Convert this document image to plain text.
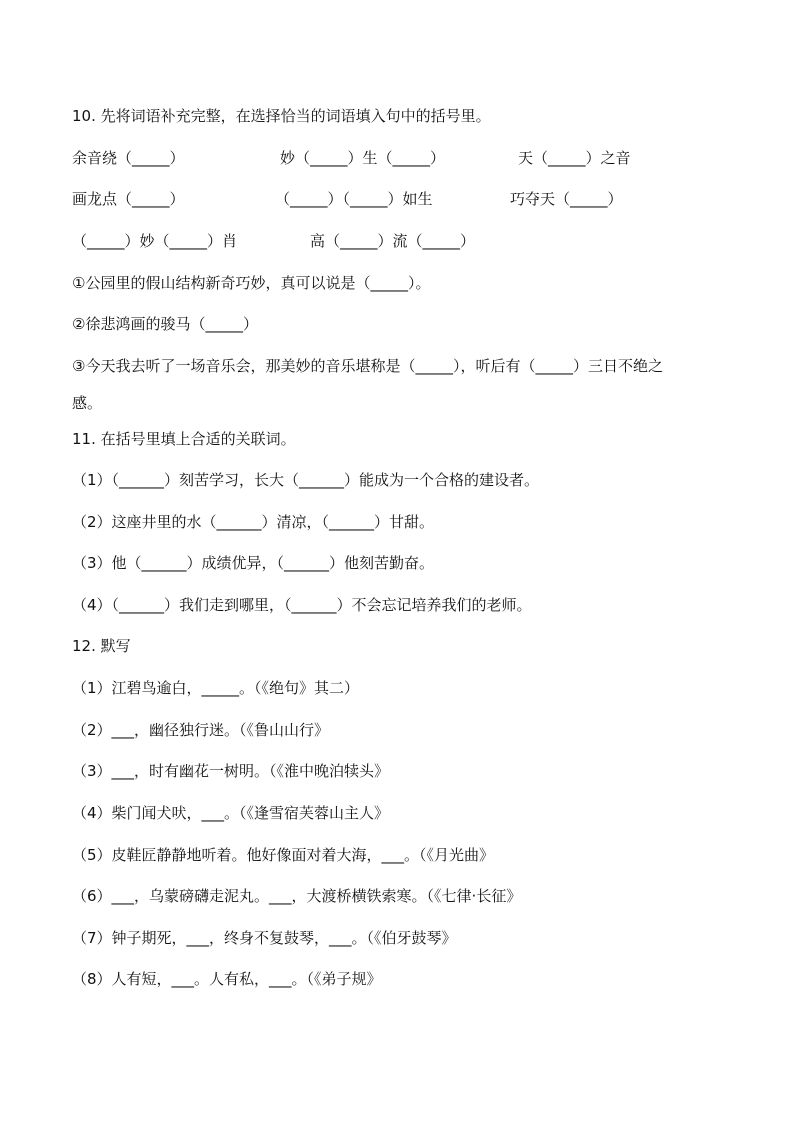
10. 先将词语补充完整，在选择恰当的词语填入句中的括号里。
余音绕（_____）	妙（_____）生（_____）	天（_____）之音
画龙点（_____）	（_____）（_____）如生	巧夺天（_____）
（_____）妙（_____）肖	高（_____）流（_____）
①公园里的假山结构新奇巧妙，真可以说是（_____）。
②徐悲鸿画的骏马（_____）
③今天我去听了一场音乐会，那美妙的音乐堪称是（_____），听后有（_____）三日不绝之
感。
11. 在括号里填上合适的关联词。
（1）（______）刻苦学习，长大（______）能成为一个合格的建设者。
（2）这座井里的水（______）清凉，（______）甘甜。
（3）他（______）成绩优异，（______）他刻苦勤奋。
（4）（______）我们走到哪里，（______）不会忘记培养我们的老师。
12. 默写
（1）江碧鸟逾白，_____。（《绝句》其二）
（2）___，幽径独行迷。（《鲁山山行》
（3）___，时有幽花一树明。（《淮中晚泊犊头》
（4）柴门闻犬吠，___。（《逢雪宿芙蓉山主人》
（5）皮鞋匠静静地听着。他好像面对着大海，___。（《月光曲》
（6）___，乌蒙磅礴走泥丸。___，大渡桥横铁索寒。（《七律·长征》
（7）钟子期死，___，终身不复鼓琴，___。（《伯牙鼓琴》
（8）人有短，___。人有私，___。（《弟子规》
